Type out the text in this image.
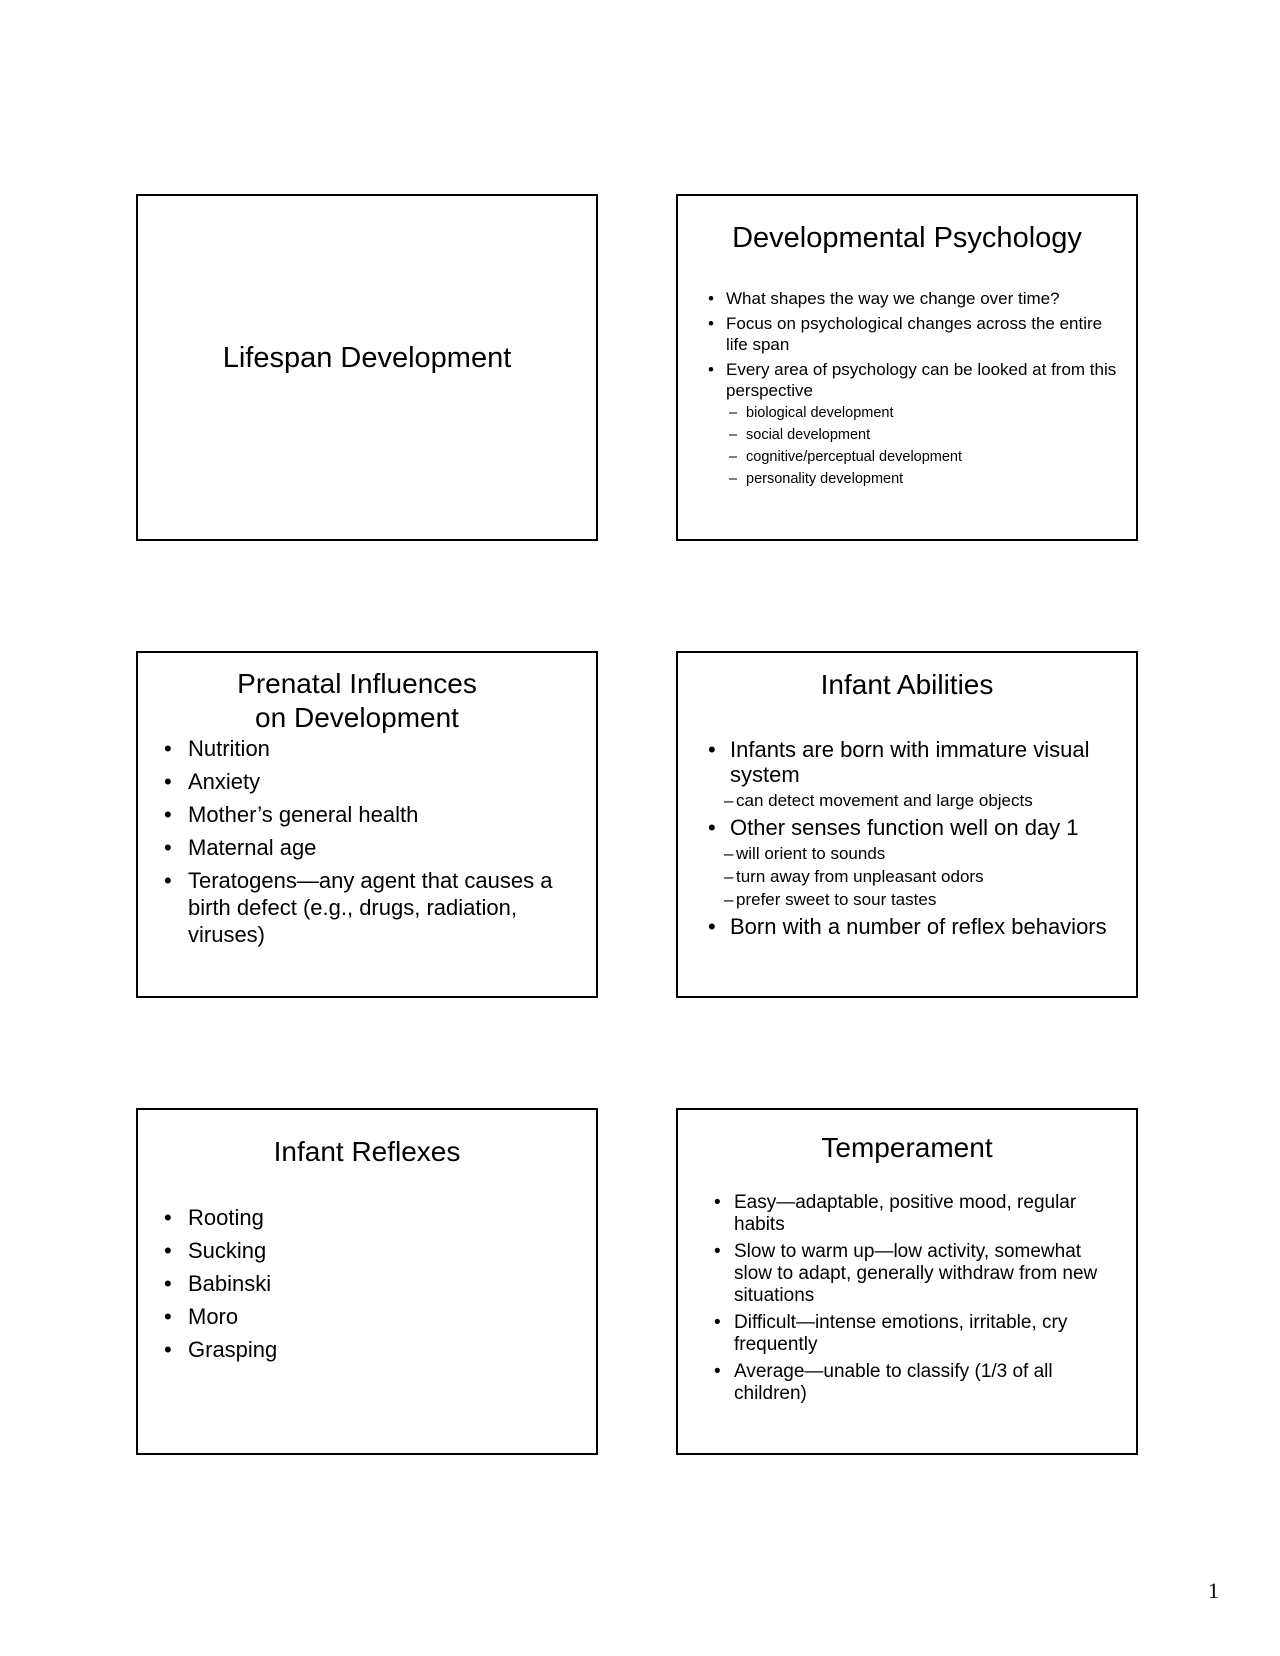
Lifespan Development
Developmental Psychology
• What shapes the way we change over time?
• Focus on psychological changes across the entire life span
• Every area of psychology can be looked at from this perspective
– biological development
– social development
– cognitive/perceptual development
– personality development
Prenatal Influences
on Development
• Nutrition
• Anxiety
• Mother’s general health
• Maternal age
• Teratogens—any agent that causes a birth defect (e.g., drugs, radiation, viruses)
Infant Abilities
• Infants are born with immature visual system
– can detect movement and large objects
• Other senses function well on day 1
– will orient to sounds
– turn away from unpleasant odors
– prefer sweet to sour tastes
• Born with a number of reflex behaviors
Infant Reflexes
• Rooting
• Sucking
• Babinski
• Moro
• Grasping
Temperament
• Easy—adaptable, positive mood, regular habits
• Slow to warm up—low activity, somewhat slow to adapt, generally withdraw from new situations
• Difficult—intense emotions, irritable, cry frequently
• Average—unable to classify (1/3 of all children)
1
